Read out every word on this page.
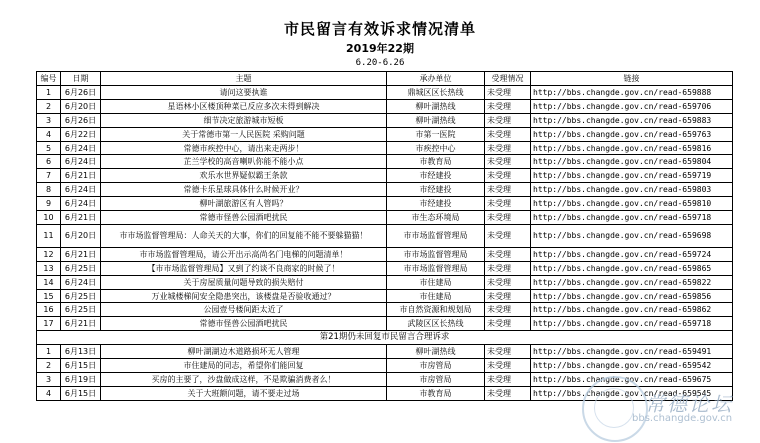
市民留言有效诉求情况清单
2019年22期
6.20-6.26
编号	日期	主题	承办单位	受理情况	链接
1	6月26日	请问这要执谁	鼎城区区长热线	未受理	http://bbs.changde.gov.cn/read-659888
2	6月20日	星语林小区楼顶种菜已反应多次未得到解决	柳叶湖热线	未受理	http://bbs.changde.gov.cn/read-659706
3	6月26日	细节决定旅游城市短板	柳叶湖热线	未受理	http://bbs.changde.gov.cn/read-659883
4	6月22日	关于常德市第一人民医院 采购问题	市第一医院	未受理	http://bbs.changde.gov.cn/read-659763
5	6月24日	常德市疾控中心，请出来走两步！	市疾控中心	未受理	http://bbs.changde.gov.cn/read-659816
6	6月24日	芷兰学校的高音喇叭你能不能小点	市教育局	未受理	http://bbs.changde.gov.cn/read-659804
7	6月21日	欢乐水世界疑似霸王条款	市经建投	未受理	http://bbs.changde.gov.cn/read-659719
8	6月24日	常德卡乐星球具体什么时候开业？	市经建投	未受理	http://bbs.changde.gov.cn/read-659803
9	6月24日	柳叶湖旅游区有人管吗？	市经建投	未受理	http://bbs.changde.gov.cn/read-659810
10	6月21日	常德市怪兽公园酒吧扰民	市生态环境局	未受理	http://bbs.changde.gov.cn/read-659718
11	6月20日	市市场监督管理局：人命关天的大事，你们的回复能不能不要躲猫猫！	市市场监督管理局	未受理	http://bbs.changde.gov.cn/read-659698
12	6月21日	市市场监督管理局，请公开出示高尚名门电梯的问题清单！	市市场监督管理局	未受理	http://bbs.changde.gov.cn/read-659724
13	6月25日	【市市场监督管理局】又到了约谈不良商家的时候了！	市市场监督管理局	未受理	http://bbs.changde.gov.cn/read-659865
14	6月24日	关于房屋质量问题导致的损失赔付	市住建局	未受理	http://bbs.changde.gov.cn/read-659822
15	6月25日	万业城楼梯间安全隐患突出，该楼盘是否验收通过？	市住建局	未受理	http://bbs.changde.gov.cn/read-659856
16	6月25日	公园壹号楼间距太近了	市自然资源和规划局	未受理	http://bbs.changde.gov.cn/read-659862
17	6月21日	常德市怪兽公园酒吧扰民	武陵区区长热线	未受理	http://bbs.changde.gov.cn/read-659718
第21期仍未回复市民留言合理诉求					
1	6月13日	柳叶湖湖边木道路损坏无人管理	柳叶湖热线	未受理	http://bbs.changde.gov.cn/read-659491
2	6月15日	市住建局的同志，希望你们能回复	市房管局	未受理	http://bbs.changde.gov.cn/read-659542
3	6月19日	买房的主要了，沙盘做成这样，不是欺骗消费者么！	市房管局	未受理	http://bbs.changde.gov.cn/read-659675
4	6月15日	关于大班额问题，请不要走过场	市教育局	未受理	http://bbs.changde.gov.cn/read-659545
常德论坛
bbs.changde.gov.cn
